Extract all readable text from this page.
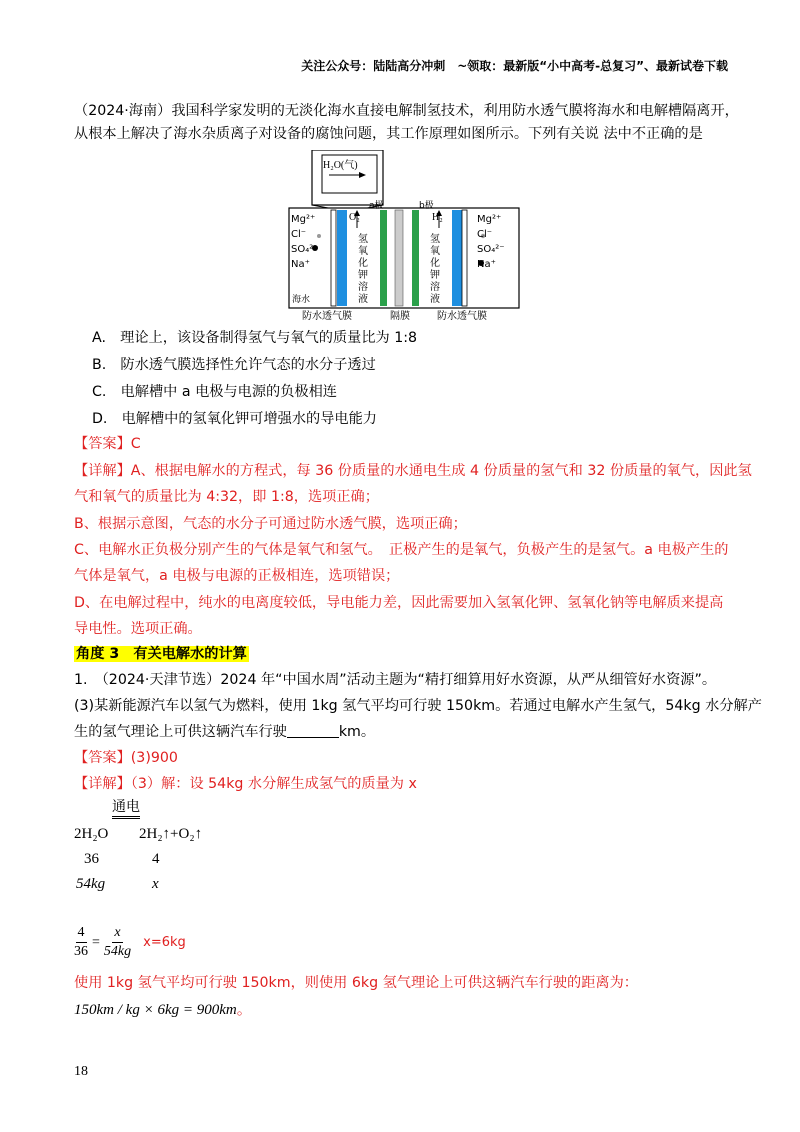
关注公众号：陆陆高分冲刺　~领取：最新版“小中高考-总复习”、最新试卷下载
（2024·海南）我国科学家发明的无淡化海水直接电解制氢技术，利用防水透气膜将海水和电解槽隔离开，
从根本上解决了海水杂质离子对设备的腐蚀问题，其工作原理如图所示。下列有关说 法中不正确的是
H₂O(气)
Mg²⁺
Cl⁻
SO₄²⁻
Na⁺
海水
O₂
a极	b极
H₂
氢氧化钾溶液
氢氧化钾溶液
Mg²⁺
Cl⁻
SO₄²⁻
Na⁺
防水透气膜	隔膜	防水透气膜
A.　理论上，该设备制得氢气与氧气的质量比为 1:8
B.　防水透气膜选择性允许气态的水分子透过
C.　电解槽中 a 电极与电源的负极相连
D.　电解槽中的氢氧化钾可增强水的导电能力
【答案】C
【详解】A、根据电解水的方程式，每 36 份质量的水通电生成 4 份质量的氢气和 32 份质量的氧气，因此氢
气和氧气的质量比为 4:32，即 1:8，选项正确；
B、根据示意图，气态的水分子可通过防水透气膜，选项正确；
C、电解水正负极分别产生的气体是氧气和氢气。　正极产生的是氧气，负极产生的是氢气。a 电极产生的
气体是氧气，a 电极与电源的正极相连，选项错误；
D、在电解过程中，纯水的电离度较低，导电能力差，因此需要加入氢氧化钾、氢氧化钠等电解质来提高
导电性。选项正确。
角度 3　有关电解水的计算
1.　（2024·天津节选）2024 年“中国水周”活动主题为“精打细算用好水资源，从严从细管好水资源”。
(3)某新能源汽车以氢气为燃料，使用 1kg 氢气平均可行驶 150km。若通过电解水产生氢气，54kg 水分解产
生的氢气理论上可供这辆汽车行驶	km。
【答案】(3)900
【详解】（3）解：设 54kg 水分解生成氢气的质量为 x
通电
2H₂O 2H₂↑+O₂↑
36	4
54kg	x
$\frac{4}{36} = \frac{x}{54kg} x=6kg$
使用 1kg 氢气平均可行驶 150km，则使用 6kg 氢气理论上可供这辆汽车行驶的距离为：
150km / kg × 6kg = 900km。
18
